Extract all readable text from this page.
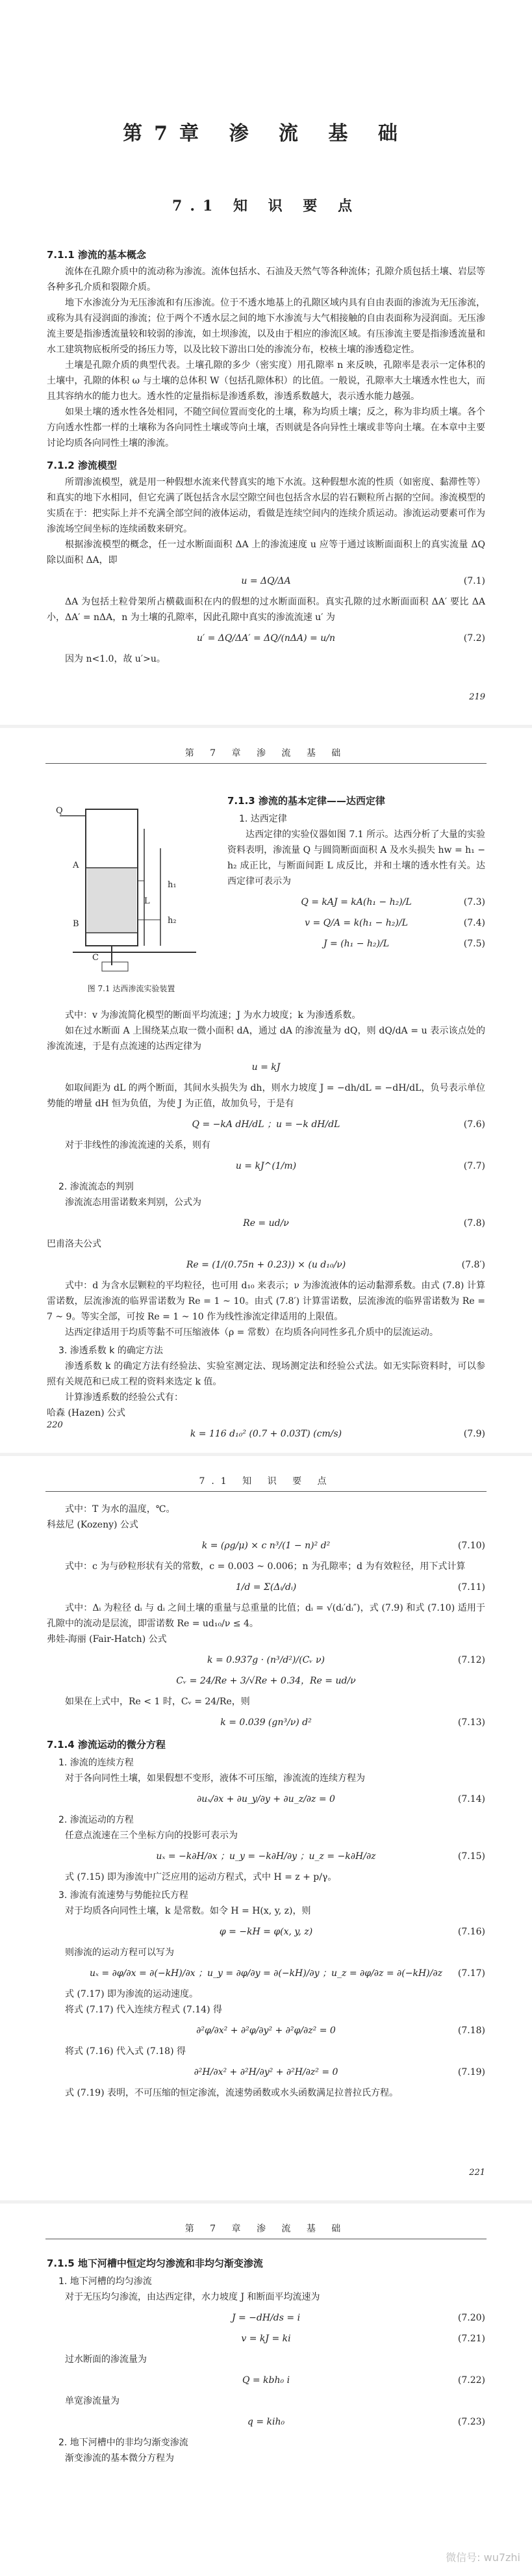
第7章 渗 流 基 础
7.1 知 识 要 点
7.1.1 渗流的基本概念

流体在孔隙介质中的流动称为渗流。流体包括水、石油及天然气等各种流体；孔隙介质包括土壤、岩层等各种多孔介质和裂隙介质。

地下水渗流分为无压渗流和有压渗流。位于不透水地基上的孔隙区域内具有自由表面的渗流为无压渗流，或称为具有浸润面的渗流；位于两个不透水层之间的地下水渗流与大气相接触的自由表面称为浸润面。无压渗流主要是指渗透流量较和较弱的渗流，如土坝渗流，以及由于相应的渗流区域。有压渗流主要是指渗透流量和水工建筑物底板所受的扬压力等，以及比较下游出口处的渗流分布，校核土壤的渗透稳定性。

土壤是孔隙介质的典型代表。土壤孔隙的多少（密实度）用孔隙率 n 来反映，孔隙率是表示一定体积的土壤中，孔隙的体积 ω 与土壤的总体积 W（包括孔隙体积）的比值。一般说，孔隙率大土壤透水性也大，而且其容纳水的能力也大。透水性的定量指标是渗透系数，渗透系数越大，表示透水能力越强。

如果土壤的透水性各处相同，不随空间位置而变化的土壤，称为均质土壤；反之，称为非均质土壤。各个方向透水性都一样的土壤称为各向同性土壤或等向土壤，否则就是各向异性土壤或非等向土壤。在本章中主要讨论均质各向同性土壤的渗流。

7.1.2 渗流模型

所谓渗流模型，就是用一种假想水流来代替真实的地下水流。这种假想水流的性质（如密度、黏滞性等）和真实的地下水相同，但它充满了既包括含水层空隙空间也包括含水层的岩石颗粒所占据的空间。渗流模型的实质在于：把实际上并不充满全部空间的液体运动，看做是连续空间内的连续介质运动。渗流运动要素可作为渗流场空间坐标的连续函数来研究。

根据渗流模型的概念，任一过水断面面积 ΔA 上的渗流速度 u 应等于通过该断面面积上的真实流量 ΔQ 除以面积 ΔA，即

u = ΔQ/ΔA	(7.1)

ΔA 为包括土粒骨架所占横截面积在内的假想的过水断面面积。真实孔隙的过水断面面积 ΔA′ 要比 ΔA 小，ΔA′ = nΔA，n 为土壤的孔隙率，因此孔隙中真实的渗流流速 u′ 为

u′ = ΔQ/ΔA′ = ΔQ/(nΔA) = u/n	(7.2)

因为 n<1.0，故 u′>u。

219
第 7 章 渗 流 基 础
Q
A
B
h₁
h₂
L
C
图 7.1 达西渗流实验装置
7.1.3 渗流的基本定律——达西定律
1. 达西定律

达西定律的实验仪器如图 7.1 所示。达西分析了大量的实验资料表明，渗流量 Q 与圆筒断面面积 A 及水头损失 hw = h₁ − h₂ 成正比，与断面间距 L 成反比，并和土壤的透水性有关。达西定律可表示为

Q = kAJ = kA(h₁ − h₂)/L	(7.3)
v = Q/A = k(h₁ − h₂)/L	(7.4)
J = (h₁ − h₂)/L	(7.5)

式中：v 为渗流简化模型的断面平均流速；J 为水力坡度；k 为渗透系数。

如在过水断面 A 上围绕某点取一微小面积 dA，通过 dA 的渗流量为 dQ，则 dQ/dA = u 表示该点处的渗流流速，于是有点流速的达西定律为

u = kJ

如取间距为 dL 的两个断面，其间水头损失为 dh，则水力坡度 J = −dh/dL = −dH/dL，负号表示单位势能的增量 dH 恒为负值，为使 J 为正值，故加负号，于是有

Q = −kA dH/dL ；u = −k dH/dL	(7.6)

对于非线性的渗流流速的关系，则有

u = kJ^(1/m)	(7.7)
2. 渗流流态的判别

渗流流态用雷诺数来判别，公式为

Re = ud/ν	(7.8)
巴甫洛夫公式
Re = (1/(0.75n + 0.23)) × (u d₁₀/ν)	(7.8′)

式中：d 为含水层颗粒的平均粒径，也可用 d₁₀ 来表示；ν 为渗流液体的运动黏滞系数。由式 (7.8) 计算雷诺数，层流渗流的临界雷诺数为 Re = 1 ~ 10。由式 (7.8′) 计算雷诺数，层流渗流的临界雷诺数为 Re = 7 ~ 9。等实全部，可按 Re = 1 ~ 10 作为线性渗流定律适用的上限值。

达西定律适用于均质等黏不可压缩液体（ρ = 常数）在均质各向同性多孔介质中的层流运动。

3. 渗透系数 k 的确定方法

渗透系数 k 的确定方法有经验法、实验室测定法、现场测定法和经验公式法。如无实际资料时，可以参照有关规范和已成工程的资料来选定 k 值。

计算渗透系数的经验公式有：

哈森 (Hazen) 公式
k = 116 d₁₀² (0.7 + 0.03T) (cm/s)	(7.9)
220
7.1 知 识 要 点

式中：T 为水的温度，℃。

科兹尼 (Kozeny) 公式
k = (ρg/μ) × c n³/(1 − n)² d²	(7.10)

式中：c 为与砂粒形状有关的常数，c = 0.003 ~ 0.006；n 为孔隙率；d 为有效粒径，用下式计算

1/d = Σ(Δᵢ/dᵢ)	(7.11)

式中：Δᵢ 为粒径 dᵢ 与 dᵢ 之间土壤的重量与总重量的比值；dᵢ = √(dᵢ′dᵢ″)，式 (7.9) 和式 (7.10) 适用于孔隙中的流动是层流，即雷诺数 Re = ud₁₀/ν ≤ 4。

弗娃-海丽 (Fair-Hatch) 公式
k = 0.937g · (n³/d²)/(Cᵥ ν)	(7.12)
Cᵥ = 24/Re + 3/√Re + 0.34，Re = ud/ν

如果在上式中，Re < 1 时，Cᵥ = 24/Re，则

k = 0.039 (gn³/ν) d²	(7.13)
7.1.4 渗流运动的微分方程
1. 渗流的连续方程

对于各向同性土壤，如果假想不变形，液体不可压缩，渗流流的连续方程为

∂uₓ/∂x + ∂u_y/∂y + ∂u_z/∂z = 0	(7.14)
2. 渗流运动的方程

任意点流速在三个坐标方向的投影可表示为

uₓ = −k∂H/∂x ；u_y = −k∂H/∂y ；u_z = −k∂H/∂z	(7.15)

式 (7.15) 即为渗流中广泛应用的运动方程式，式中 H = z + p/γ。

3. 渗流有流速势与势能拉氏方程

对于均质各向同性土壤，k 是常数。如令 H = H(x, y, z)，则

φ = −kH = φ(x, y, z)	(7.16)

则渗流的运动方程可以写为

uₓ = ∂φ/∂x = ∂(−kH)/∂x ；u_y = ∂φ/∂y = ∂(−kH)/∂y ；u_z = ∂φ/∂z = ∂(−kH)/∂z (7.17)

式 (7.17) 即为渗流的运动速度。

将式 (7.17) 代入连续方程式 (7.14) 得

∂²φ/∂x² + ∂²φ/∂y² + ∂²φ/∂z² = 0	(7.18)

将式 (7.16) 代入式 (7.18) 得

∂²H/∂x² + ∂²H/∂y² + ∂²H/∂z² = 0	(7.19)

式 (7.19) 表明，不可压缩的恒定渗流，流速势函数或水头函数满足拉普拉氏方程。

221
第 7 章 渗 流 基 础
7.1.5 地下河槽中恒定均匀渗流和非均匀渐变渗流
1. 地下河槽的均匀渗流

对于无压均匀渗流，由达西定律，水力坡度 J 和断面平均流速为

J = −dH/ds = i	(7.20)
v = kJ = ki	(7.21)

过水断面的渗流量为

Q = kbh₀ i	(7.22)

单宽渗流量为

q = kih₀	(7.23)
2. 地下河槽中的非均匀渐变渗流

渐变渗流的基本微分方程为

微信号: wu7zhi
